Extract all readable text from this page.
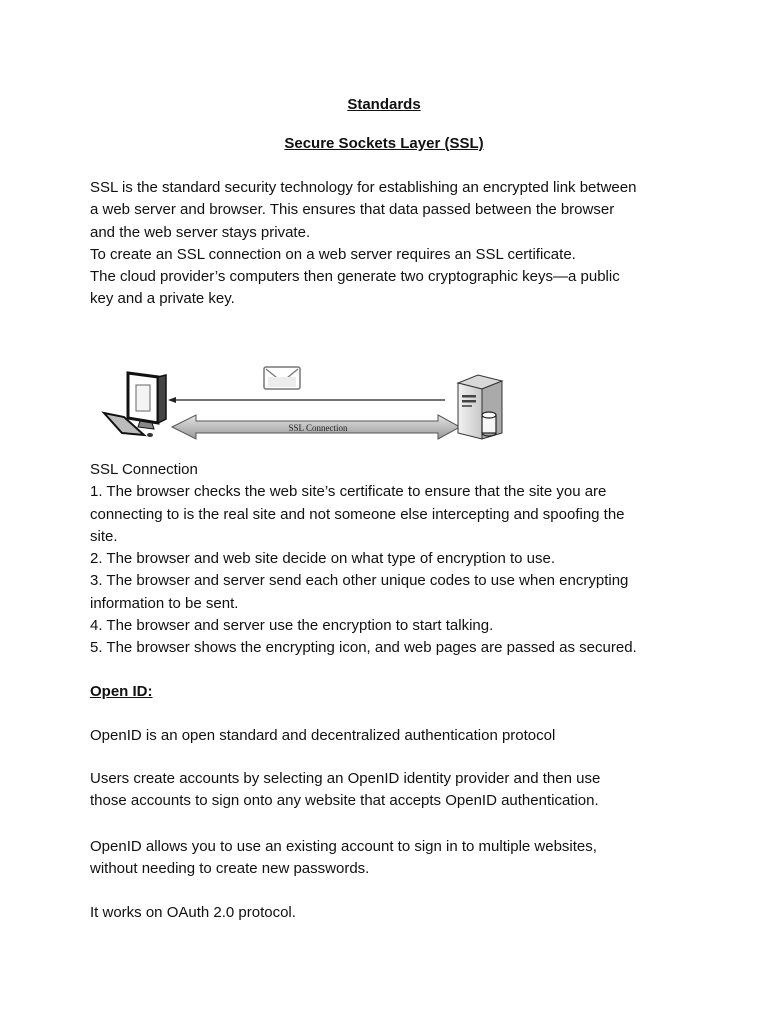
Standards
Secure Sockets Layer (SSL)

SSL is the standard security technology for establishing an encrypted link between
a web server and browser. This ensures that data passed between the browser
and the web server stays private.
To create an SSL connection on a web server requires an SSL certificate.
The cloud provider’s computers then generate two cryptographic keys—a public
key and a private key.

SSL Connection

SSL Connection
1. The browser checks the web site’s certificate to ensure that the site you are
connecting to is the real site and not someone else intercepting and spoofing the
site.
2. The browser and web site decide on what type of encryption to use.
3. The browser and server send each other unique codes to use when encrypting
information to be sent.
4. The browser and server use the encryption to start talking.
5. The browser shows the encrypting icon, and web pages are passed as secured.

Open ID:

OpenID is an open standard and decentralized authentication protocol

Users create accounts by selecting an OpenID identity provider and then use
those accounts to sign onto any website that accepts OpenID authentication.

OpenID allows you to use an existing account to sign in to multiple websites,
without needing to create new passwords.

It works on OAuth 2.0 protocol.
